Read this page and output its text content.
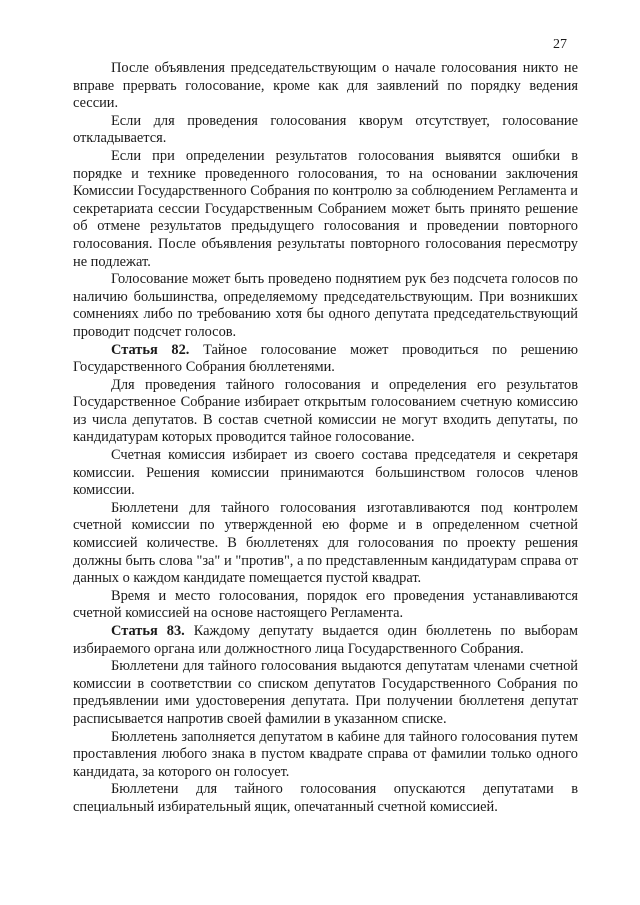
27

После объявления председательствующим о начале голосования никто не вправе прервать голосование, кроме как для заявлений по порядку ведения сессии.

Если для проведения голосования кворум отсутствует, голосование откладывается.

Если при определении результатов голосования выявятся ошибки в порядке и технике проведенного голосования, то на основании заключения Комиссии Государственного Собрания по контролю за соблюдением Регламента и секретариата сессии Государственным Собранием может быть принято решение об отмене результатов предыдущего голосования и проведении повторного голосования. После объявления результаты повторного голосования пересмотру не подлежат.

Голосование может быть проведено поднятием рук без подсчета голосов по наличию большинства, определяемому председательствующим. При возникших сомнениях либо по требованию хотя бы одного депутата председательствующий проводит подсчет голосов.

Статья 82. Тайное голосование может проводиться по решению Государственного Собрания бюллетенями.

Для проведения тайного голосования и определения его результатов Государственное Собрание избирает открытым голосованием счетную комиссию из числа депутатов. В состав счетной комиссии не могут входить депутаты, по кандидатурам которых проводится тайное голосование.

Счетная комиссия избирает из своего состава председателя и секретаря комиссии. Решения комиссии принимаются большинством голосов членов комиссии.

Бюллетени для тайного голосования изготавливаются под контролем счетной комиссии по утвержденной ею форме и в определенном счетной комиссией количестве. В бюллетенях для голосования по проекту решения должны быть слова "за" и "против", а по представленным кандидатурам справа от данных о каждом кандидате помещается пустой квадрат.

Время и место голосования, порядок его проведения устанавливаются счетной комиссией на основе настоящего Регламента.

Статья 83. Каждому депутату выдается один бюллетень по выборам избираемого органа или должностного лица Государственного Собрания.

Бюллетени для тайного голосования выдаются депутатам членами счетной комиссии в соответствии со списком депутатов Государственного Собрания по предъявлении ими удостоверения депутата. При получении бюллетеня депутат расписывается напротив своей фамилии в указанном списке.

Бюллетень заполняется депутатом в кабине для тайного голосования путем проставления любого знака в пустом квадрате справа от фамилии только одного кандидата, за которого он голосует.

Бюллетени для тайного голосования опускаются депутатами в специальный избирательный ящик, опечатанный счетной комиссией.
